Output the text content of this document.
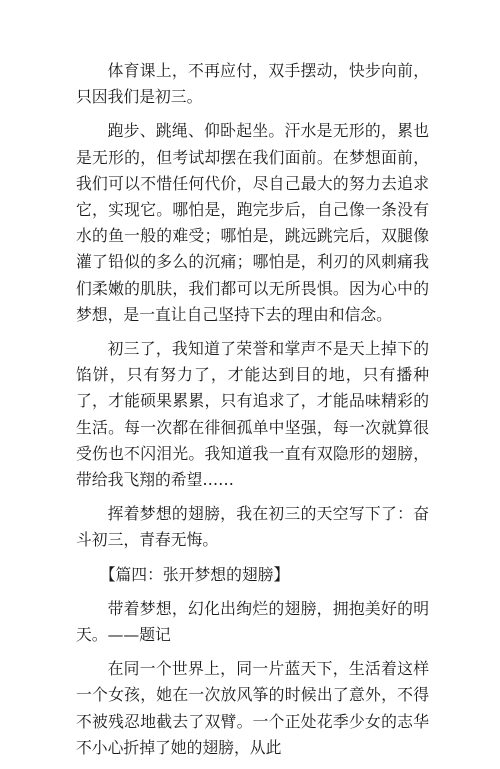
体育课上，不再应付，双手摆动，快步向前，只因我们是初三。

跑步、跳绳、仰卧起坐。汗水是无形的，累也是无形的，但考试却摆在我们面前。在梦想面前，我们可以不惜任何代价，尽自己最大的努力去追求它，实现它。哪怕是，跑完步后，自己像一条没有水的鱼一般的难受；哪怕是，跳远跳完后，双腿像灌了铅似的多么的沉痛；哪怕是，利刃的风刺痛我们柔嫩的肌肤，我们都可以无所畏惧。因为心中的梦想，是一直让自己坚持下去的理由和信念。

初三了，我知道了荣誉和掌声不是天上掉下的馅饼，只有努力了，才能达到目的地，只有播种了，才能硕果累累，只有追求了，才能品味精彩的生活。每一次都在徘徊孤单中坚强，每一次就算很受伤也不闪泪光。我知道我一直有双隐形的翅膀，带给我飞翔的希望……

挥着梦想的翅膀，我在初三的天空写下了：奋斗初三，青春无悔。

【篇四：张开梦想的翅膀】

带着梦想，幻化出绚烂的翅膀，拥抱美好的明天。——题记

在同一个世界上，同一片蓝天下，生活着这样一个女孩，她在一次放风筝的时候出了意外，不得不被残忍地截去了双臂。一个正处花季少女的志华不小心折掉了她的翅膀，从此
